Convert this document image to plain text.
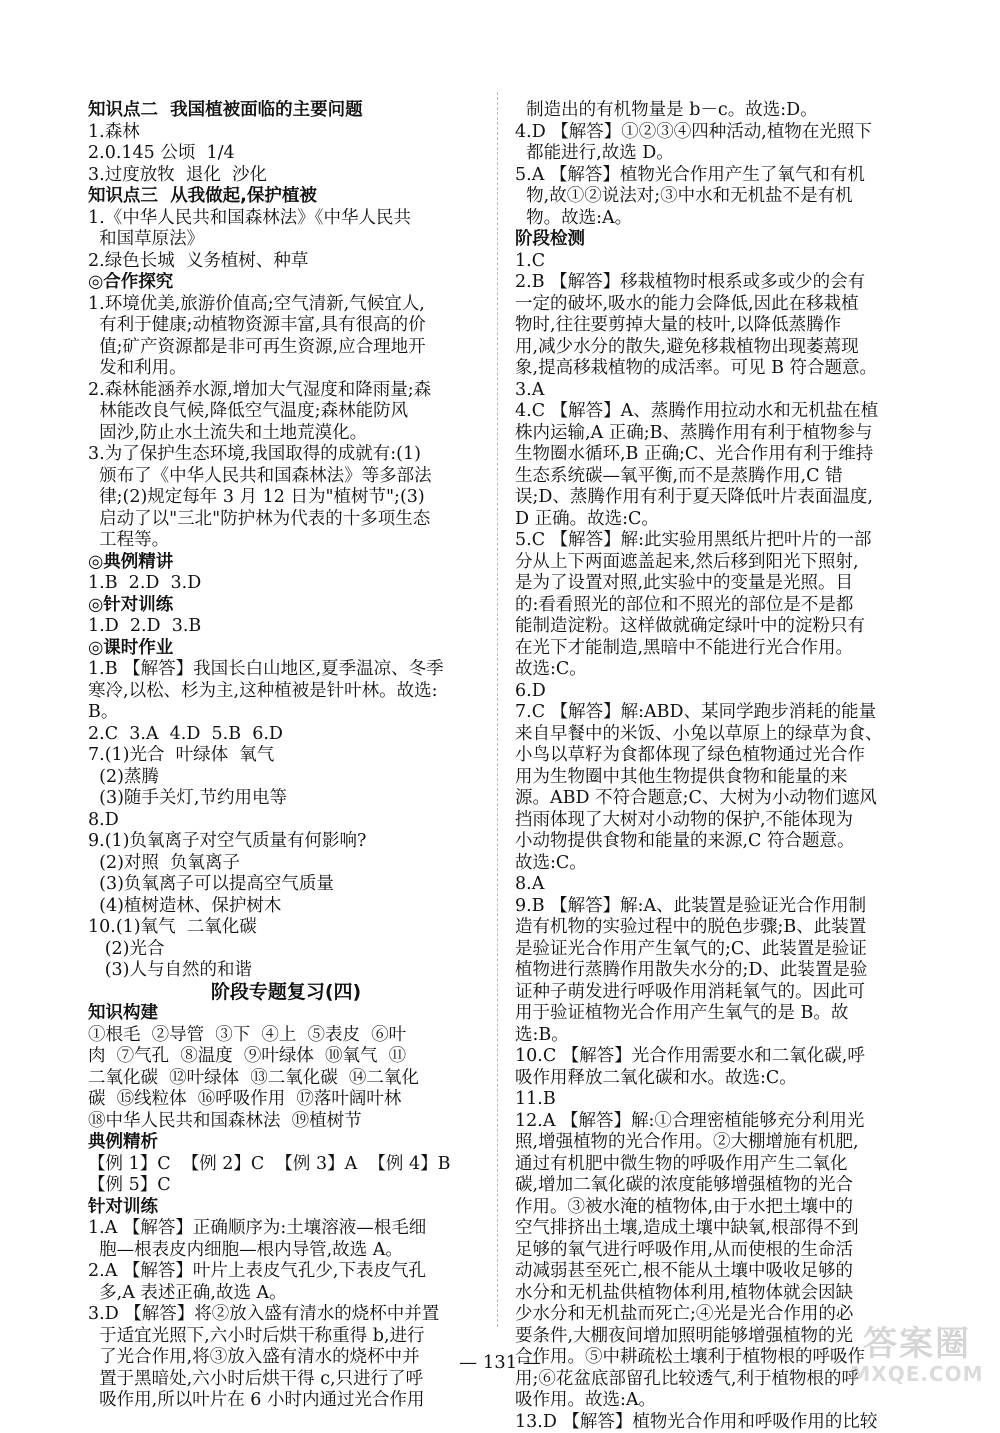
知识点二  我国植被面临的主要问题
1.森林
2.0.145 公顷  1/4
3.过度放牧  退化  沙化
知识点三  从我做起,保护植被
1.《中华人民共和国森林法》《中华人民共
和国草原法》
2.绿色长城  义务植树、种草
◎合作探究
1.环境优美,旅游价值高;空气清新,气候宜人,
有利于健康;动植物资源丰富,具有很高的价
值;矿产资源都是非可再生资源,应合理地开
发和利用。
2.森林能涵养水源,增加大气湿度和降雨量;森
林能改良气候,降低空气温度;森林能防风
固沙,防止水土流失和土地荒漠化。
3.为了保护生态环境,我国取得的成就有:(1)
颁布了《中华人民共和国森林法》等多部法
律;(2)规定每年 3 月 12 日为"植树节";(3)
启动了以"三北"防护林为代表的十多项生态
工程等。
◎典例精讲
1.B  2.D  3.D
◎针对训练
1.D  2.D  3.B
◎课时作业
1.B 【解答】我国长白山地区,夏季温凉、冬季
寒冷,以松、杉为主,这种植被是针叶林。故选:
B。
2.C  3.A  4.D  5.B  6.D
7.(1)光合  叶绿体  氧气
(2)蒸腾
(3)随手关灯,节约用电等
8.D
9.(1)负氧离子对空气质量有何影响?
(2)对照  负氧离子
(3)负氧离子可以提高空气质量
(4)植树造林、保护树木
10.(1)氧气  二氧化碳
(2)光合
(3)人与自然的和谐
阶段专题复习(四)
知识构建
①根毛  ②导管  ③下  ④上  ⑤表皮  ⑥叶
肉  ⑦气孔  ⑧温度  ⑨叶绿体  ⑩氧气  ⑪
二氧化碳  ⑫叶绿体  ⑬二氧化碳  ⑭二氧化
碳  ⑮线粒体  ⑯呼吸作用  ⑰落叶阔叶林
⑱中华人民共和国森林法  ⑲植树节
典例精析
【例 1】C  【例 2】C  【例 3】A  【例 4】B
【例 5】C
针对训练
1.A 【解答】正确顺序为:土壤溶液—根毛细
胞—根表皮内细胞—根内导管,故选 A。
2.A 【解答】叶片上表皮气孔少,下表皮气孔
多,A 表述正确,故选 A。
3.D 【解答】将②放入盛有清水的烧杯中并置
于适宜光照下,六小时后烘干称重得 b,进行
了光合作用,将③放入盛有清水的烧杯中并
置于黑暗处,六小时后烘干得 c,只进行了呼
吸作用,所以叶片在 6 小时内通过光合作用
制造出的有机物量是 b－c。故选:D。
4.D 【解答】①②③④四种活动,植物在光照下
都能进行,故选 D。
5.A 【解答】植物光合作用产生了氧气和有机
物,故①②说法对;③中水和无机盐不是有机
物。故选:A。
阶段检测
1.C
2.B 【解答】移栽植物时根系或多或少的会有
一定的破坏,吸水的能力会降低,因此在移栽植
物时,往往要剪掉大量的枝叶,以降低蒸腾作
用,减少水分的散失,避免移栽植物出现萎蔫现
象,提高移栽植物的成活率。可见 B 符合题意。
3.A
4.C 【解答】A、蒸腾作用拉动水和无机盐在植
株内运输,A 正确;B、蒸腾作用有利于植物参与
生物圈水循环,B 正确;C、光合作用有利于维持
生态系统碳—氧平衡,而不是蒸腾作用,C 错
误;D、蒸腾作用有利于夏天降低叶片表面温度,
D 正确。故选:C。
5.C 【解答】解:此实验用黑纸片把叶片的一部
分从上下两面遮盖起来,然后移到阳光下照射,
是为了设置对照,此实验中的变量是光照。目
的:看看照光的部位和不照光的部位是不是都
能制造淀粉。这样做就确定绿叶中的淀粉只有
在光下才能制造,黑暗中不能进行光合作用。
故选:C。
6.D
7.C 【解答】解:ABD、某同学跑步消耗的能量
来自早餐中的米饭、小兔以草原上的绿草为食、
小鸟以草籽为食都体现了绿色植物通过光合作
用为生物圈中其他生物提供食物和能量的来
源。ABD 不符合题意;C、大树为小动物们遮风
挡雨体现了大树对小动物的保护,不能体现为
小动物提供食物和能量的来源,C 符合题意。
故选:C。
8.A
9.B 【解答】解:A、此装置是验证光合作用制
造有机物的实验过程中的脱色步骤;B、此装置
是验证光合作用产生氧气的;C、此装置是验证
植物进行蒸腾作用散失水分的;D、此装置是验
证种子萌发进行呼吸作用消耗氧气的。因此可
用于验证植物光合作用产生氧气的是 B。故
选:B。
10.C 【解答】光合作用需要水和二氧化碳,呼
吸作用释放二氧化碳和水。故选:C。
11.B
12.A 【解答】解:①合理密植能够充分利用光
照,增强植物的光合作用。②大棚增施有机肥,
通过有机肥中微生物的呼吸作用产生二氧化
碳,增加二氧化碳的浓度能够增强植物的光合
作用。③被水淹的植物体,由于水把土壤中的
空气排挤出土壤,造成土壤中缺氧,根部得不到
足够的氧气进行呼吸作用,从而使根的生命活
动减弱甚至死亡,根不能从土壤中吸收足够的
水分和无机盐供植物体利用,植物体就会因缺
少水分和无机盐而死亡;④光是光合作用的必
要条件,大棚夜间增加照明能够增强植物的光
合作用。⑤中耕疏松土壤利于植物根的呼吸作
用;⑥花盆底部留孔比较透气,利于植物根的呼
吸作用。故选:A。
13.D 【解答】植物光合作用和呼吸作用的比较
— 131 —	答案圈
MXQE.COM
